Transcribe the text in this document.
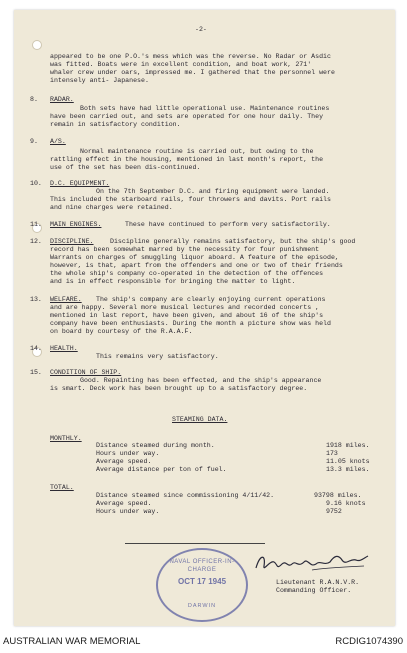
-2-
appeared to be one P.O.'s mess which was the reverse. No Radar or Asdic
was fitted. Boats were in excellent condition, and boat work, 271'
whaler crew under oars, impressed me. I gathered that the personnel were
intensely anti- Japanese.
8. RADAR.
Both sets have had little operational use. Maintenance routines
have been carried out, and sets are operated for one hour daily. They
remain in satisfactory condition.
9. A/S.
Normal maintenance routine is carried out, but owing to the
rattling effect in the housing, mentioned in last month's report, the
use of the set has been dis-continued.
10. D.C. EQUIPMENT.
On the 7th September D.C. and firing equipment were landed.
This included the starboard rails, four throwers and davits. Port rails
and nine charges were retained.
11. MAIN ENGINES.	These have continued to perform very satisfactorily.
12. DISCIPLINE. Discipline generally remains satisfactory, but the ship's good
record has been somewhat marred by the necessity for four punishment
Warrants on charges of smuggling liquor aboard. A feature of the episode,
however, is that, apart from the offenders and one or two of their friends
the whole ship's company co-operated in the detection of the offences
and is in effect responsible for bringing the matter to light.
13. WELFARE. The ship's company are clearly enjoying current operations
and are happy. Several more musical lectures and recorded concerts ,
mentioned in last report, have been given, and about 16 of the ship's
company have been enthusiasts. During the month a picture show was held
on board by courtesy of the R.A.A.F.
14. HEALTH.
This remains very satisfactory.
15. CONDITION OF SHIP.
Good. Repainting has been effected, and the ship's appearance
is smart. Deck work has been brought up to a satisfactory degree.
STEAMING DATA.
MONTHLY.
Distance steamed during month.	1918 miles.
Hours under way.	173
Average speed.	11.05 knots
Average distance per ton of fuel.	13.3 miles.
TOTAL.
Distance steamed since commissioning 4/11/42.	93798 miles.
Average speed.	9.16 knots
Hours under way.	9752
Lieutenant R.A.N.V.R.
Commanding Officer.
NAVAL OFFICER-IN-CHARGE
OCT 17 1945
DARWIN
AUSTRALIAN WAR MEMORIAL	RCDIG1074390
